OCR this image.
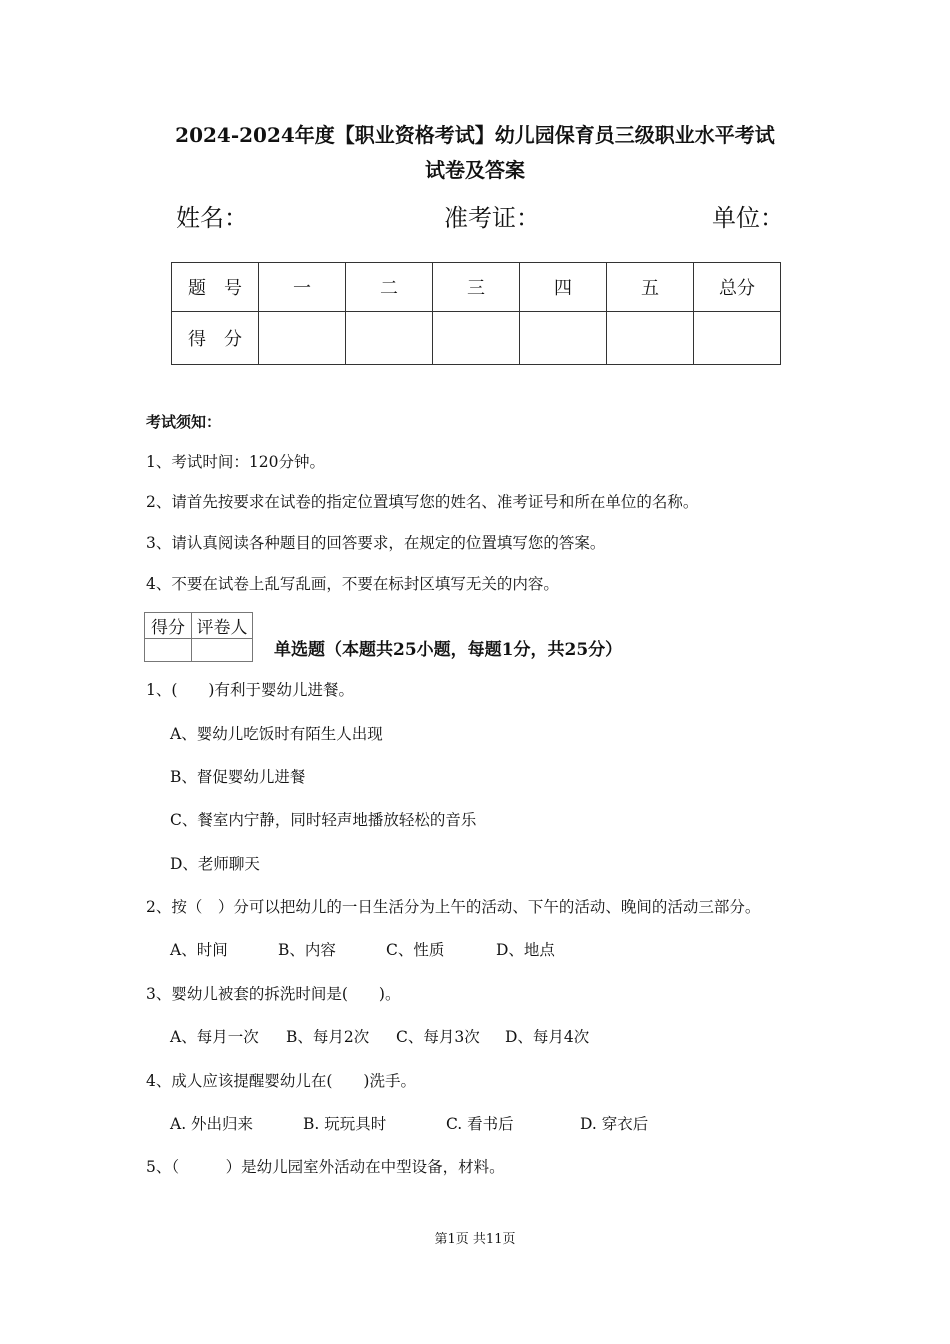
2024-2024年度【职业资格考试】幼儿园保育员三级职业水平考试
试卷及答案
姓名：	准考证：	单位：
题　号	一	二	三	四	五	总分
得　分						
考试须知：
1、考试时间：120分钟。
2、请首先按要求在试卷的指定位置填写您的姓名、准考证号和所在单位的名称。
3、请认真阅读各种题目的回答要求，在规定的位置填写您的答案。
4、不要在试卷上乱写乱画，不要在标封区填写无关的内容。
得分	评卷人

单选题（本题共25小题，每题1分，共25分）
1、(　　)有利于婴幼儿进餐。
A、婴幼儿吃饭时有陌生人出现
B、督促婴幼儿进餐
C、餐室内宁静，同时轻声地播放轻松的音乐
D、老师聊天
2、按（　）分可以把幼儿的一日生活分为上午的活动、下午的活动、晚间的活动三部分。
A、时间	B、内容	C、性质	D、地点
3、婴幼儿被套的拆洗时间是(　　)。
A、每月一次 B、每月2次 C、每月3次 D、每月4次
4、成人应该提醒婴幼儿在(　　)洗手。
A. 外出归来	B. 玩玩具时	C. 看书后	D. 穿衣后
5、（　　　）是幼儿园室外活动在中型设备，材料。
第1页 共11页
